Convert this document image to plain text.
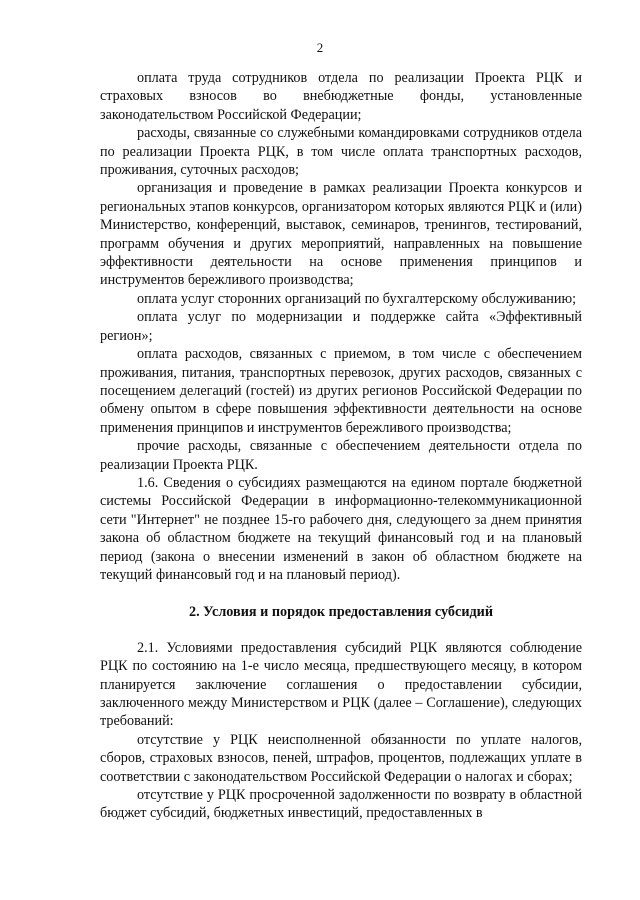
2

оплата труда сотрудников отдела по реализации Проекта РЦК и страховых взносов во внебюджетные фонды, установленные законодательством Российской Федерации;

расходы, связанные со служебными командировками сотрудников отдела по реализации Проекта РЦК, в том числе оплата транспортных расходов, проживания, суточных расходов;

организация и проведение в рамках реализации Проекта конкурсов и региональных этапов конкурсов, организатором которых являются РЦК и (или) Министерство, конференций, выставок, семинаров, тренингов, тестирований, программ обучения и других мероприятий, направленных на повышение эффективности деятельности на основе применения принципов и инструментов бережливого производства;

оплата услуг сторонних организаций по бухгалтерскому обслуживанию;

оплата услуг по модернизации и поддержке сайта «Эффективный регион»;

оплата расходов, связанных с приемом, в том числе с обеспечением проживания, питания, транспортных перевозок, других расходов, связанных с посещением делегаций (гостей) из других регионов Российской Федерации по обмену опытом в сфере повышения эффективности деятельности на основе применения принципов и инструментов бережливого производства;

прочие расходы, связанные с обеспечением деятельности отдела по реализации Проекта РЦК.

1.6. Сведения о субсидиях размещаются на едином портале бюджетной системы Российской Федерации в информационно-телекоммуникационной сети "Интернет" не позднее 15-го рабочего дня, следующего за днем принятия закона об областном бюджете на текущий финансовый год и на плановый период (закона о внесении изменений в закон об областном бюджете на текущий финансовый год и на плановый период).

2. Условия и порядок предоставления субсидий

2.1. Условиями предоставления субсидий РЦК являются соблюдение РЦК по состоянию на 1-е число месяца, предшествующего месяцу, в котором планируется заключение соглашения о предоставлении субсидии, заключенного между Министерством и РЦК (далее – Соглашение), следующих требований:

отсутствие у РЦК неисполненной обязанности по уплате налогов, сборов, страховых взносов, пеней, штрафов, процентов, подлежащих уплате в соответствии с законодательством Российской Федерации о налогах и сборах;

отсутствие у РЦК просроченной задолженности по возврату в областной бюджет субсидий, бюджетных инвестиций, предоставленных в
